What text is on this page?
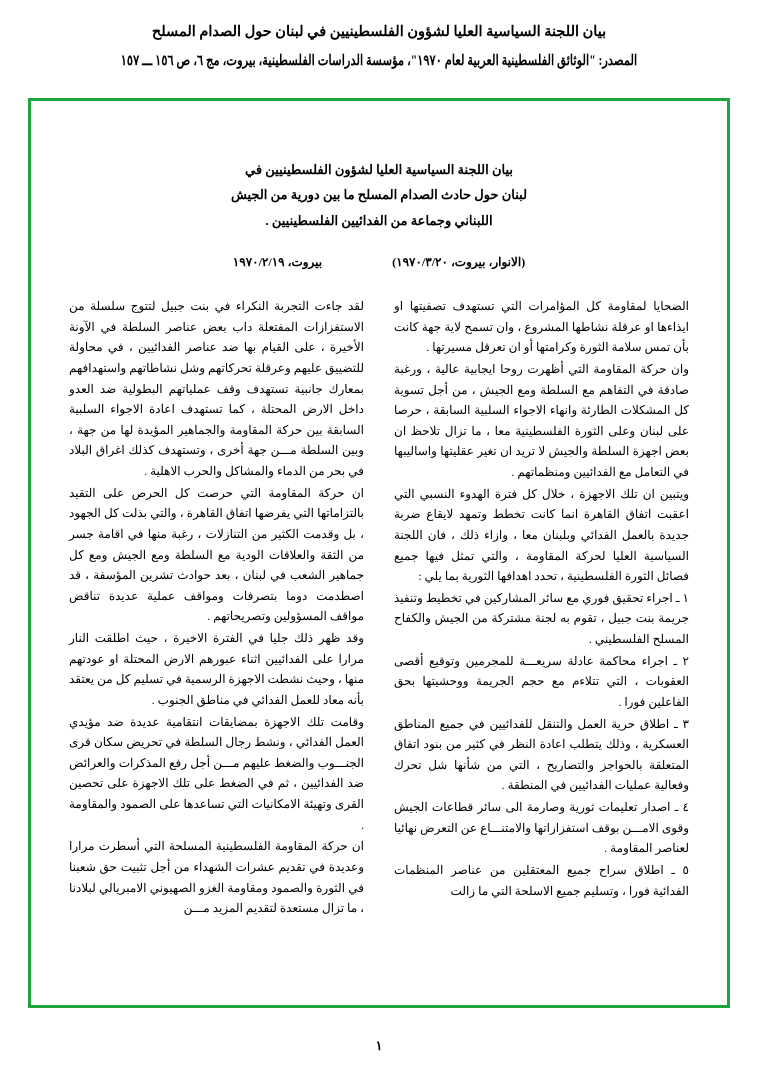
بيان اللجنة السياسية العليا لشؤون الفلسطينيين في لبنان حول الصدام المسلح
المصدر: "الوثائق الفلسطينية العربية لعام ١٩٧٠"، مؤسسة الدراسات الفلسطينية، بيروت، مج ٦، ص ١٥٦ ـــ ١٥٧
بيان اللجنة السياسية العليا لشؤون الفلسطينيين في
لبنان حول حادث الصدام المسلح ما بين دورية من الجيش
اللبناني وجماعة من الفدائيين الفلسطينيين .
(الانوار، بيروت، ١٩٧٠/٣/٢٠)
بيروت، ١٩٧٠/٢/١٩

الضحايا لمقاومة كل المؤامرات التي تستهدف تصفيتها او ايذاءها او عرقلة نشاطها المشروع ، وان تسمح لاية جهة كانت بأن تمس سلامة الثورة وكرامتها أو ان تعرقل مسيرتها .

وان حركة المقاومة التي أظهرت روحا ايجابية عالية ، ورغبة صادقة في التفاهم مع السلطة ومع الجيش ، من أجل تسوية كل المشكلات الطارئة وانهاء الاجواء السلبية السابقة ، حرصا على لبنان وعلى الثورة الفلسطينية معا ، ما تزال تلاحظ ان بعض اجهزة السلطة والجيش لا تريد ان تغير عقليتها واساليبها في التعامل مع الفدائيين ومنظماتهم .

ويتبين ان تلك الاجهزة ، خلال كل فترة الهدوء النسبي التي اعقبت اتفاق القاهرة انما كانت تخطط وتمهد لايقاع ضربة جديدة بالعمل الفدائي وبلبنان معا ، وازاء ذلك ، فان اللجنة السياسية العليا لحركة المقاومة ، والتي تمثل فيها جميع فصائل الثورة الفلسطينية ، تحدد اهدافها الثورية بما يلي :

١ ـ اجراء تحقيق فوري مع سائر المشاركين في تخطيط وتنفيذ جريمة بنت جبيل ، تقوم به لجنة مشتركة من الجيش والكفاح المسلح الفلسطيني .

٢ ـ اجراء محاكمة عادلة سريعـــة للمجرمين وتوقيع أقصى العقوبات ، التي تتلاءم مع حجم الجريمة ووحشيتها بحق الفاعلين فورا .

٣ ـ اطلاق حرية العمل والتنقل للفدائيين في جميع المناطق العسكرية ، وذلك يتطلب اعادة النظر في كثير من بنود اتفاق المتعلقة بالحواجز والتصاريح ، التي من شأنها شل تحرك وفعالية عمليات الفدائيين في المنطقة .

٤ ـ اصدار تعليمات ثورية وصارمة الى سائر قطاعات الجيش وقوى الامـــن بوقف استفزازاتها والامتنـــاع عن التعرض نهائيا لعناصر المقاومة .

٥ ـ اطلاق سراح جميع المعتقلين من عناصر المنظمات الفدائية فورا ، وتسليم جميع الاسلحة التي ما زالت

لقد جاءت التجربة النكراء في بنت جبيل لتتوج سلسلة من الاستفزازات المفتعلة داب بعض عناصر السلطة في الآونة الأخيرة ، على القيام بها ضد عناصر الفدائيين ، في محاولة للتضييق عليهم وعرقلة تحركاتهم وشل نشاطاتهم واستهدافهم بمعارك جانبية تستهدف وقف عملياتهم البطولية ضد العدو داخل الارض المحتلة ، كما تستهدف اعادة الاجواء السلبية السابقة بين حركة المقاومة والجماهير المؤيدة لها من جهة ، وبين السلطة مـــن جهة أخرى ، وتستهدف كذلك اغراق البلاد في بحر من الدماء والمشاكل والحرب الاهلية .

ان حركة المقاومة التي حرصت كل الحرص على التقيد بالتزاماتها التي يفرضها اتفاق القاهرة ، والتي بذلت كل الجهود ، بل وقدمت الكثير من التنازلات ، رغبة منها في اقامة جسر من الثقة والعلاقات الودية مع السلطة ومع الجيش ومع كل جماهير الشعب في لبنان ، بعد حوادث تشرين المؤسفة ، قد اصطدمت دوما بتصرفات ومواقف عملية عديدة تناقض مواقف المسؤولين وتصريحاتهم .

وقد ظهر ذلك جليا في الفترة الاخيرة ، حيث اطلقت النار مرارا على الفدائيين اثناء عبورهم الارض المحتلة او عودتهم منها ، وحيث نشطت الاجهزة الرسمية في تسليم كل من يعتقد بأنه معاد للعمل الفدائي في مناطق الجنوب .

وقامت تلك الاجهزة بمضايقات انتقامية عديدة ضد مؤيدي العمل الفدائي ، ونشط رجال السلطة في تحريض سكان قرى الجنـــوب والضغط عليهم مـــن أجل رفع المذكرات والعرائض ضد الفدائيين ، ثم في الضغط على تلك الاجهزة على تحصين القرى وتهيئة الامكانيات التي تساعدها على الصمود والمقاومة .

ان حركة المقاومة الفلسطينية المسلحة التي أسطرت مرارا وعديدة في تقديم عشرات الشهداء من أجل تثبيت حق شعبنا في الثورة والصمود ومقاومة الغزو الصهيوني الامبريالي لبلادنا ، ما تزال مستعدة لتقديم المزيد مـــن

١
